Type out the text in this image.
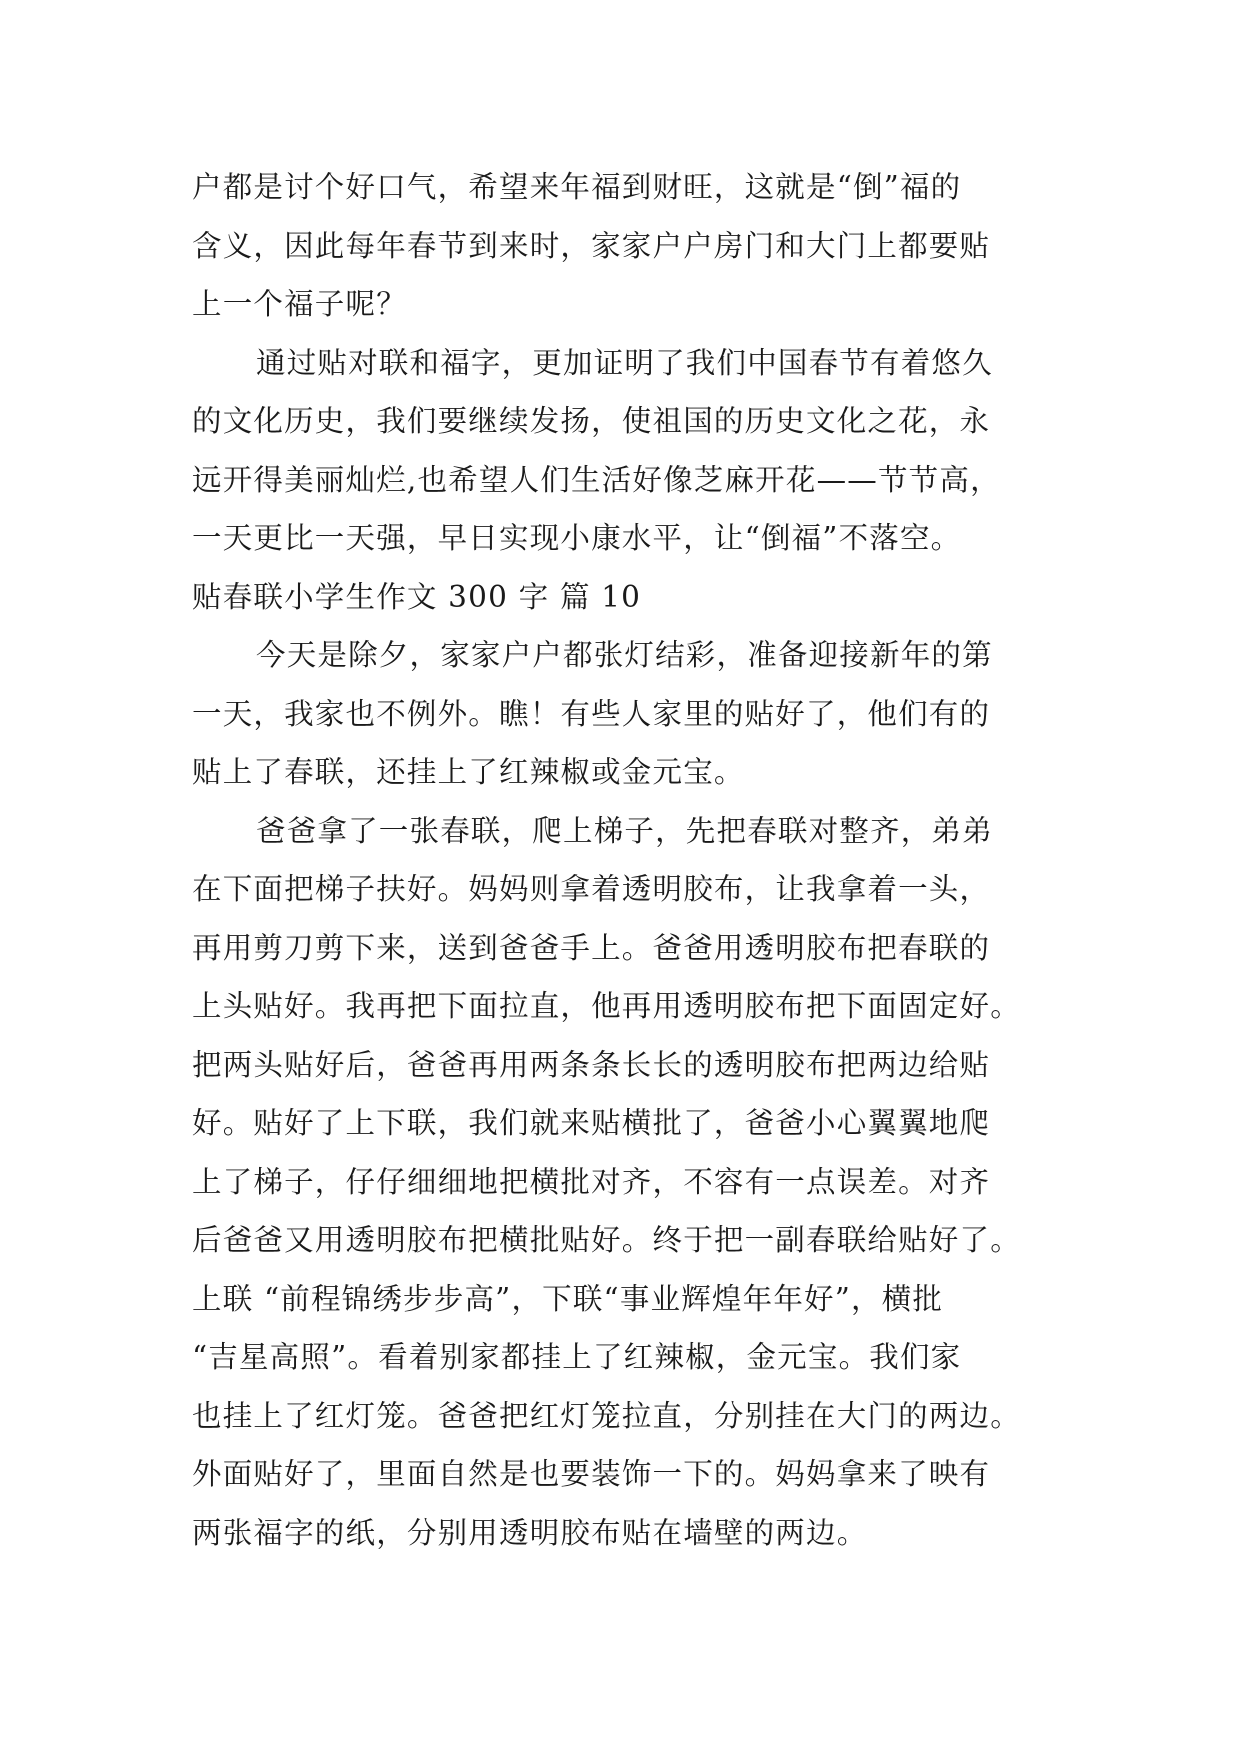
户都是讨个好口气，希望来年福到财旺，这就是“倒”福的
含义，因此每年春节到来时，家家户户房门和大门上都要贴
上一个福子呢？
通过贴对联和福字，更加证明了我们中国春节有着悠久
的文化历史，我们要继续发扬，使祖国的历史文化之花，永
远开得美丽灿烂,也希望人们生活好像芝麻开花——节节高，
一天更比一天强，早日实现小康水平，让“倒福”不落空。
贴春联小学生作文 300 字 篇 10
今天是除夕，家家户户都张灯结彩，准备迎接新年的第
一天，我家也不例外。瞧！有些人家里的贴好了，他们有的
贴上了春联，还挂上了红辣椒或金元宝。
爸爸拿了一张春联，爬上梯子，先把春联对整齐，弟弟
在下面把梯子扶好。妈妈则拿着透明胶布，让我拿着一头，
再用剪刀剪下来，送到爸爸手上。爸爸用透明胶布把春联的
上头贴好。我再把下面拉直，他再用透明胶布把下面固定好。
把两头贴好后，爸爸再用两条条长长的透明胶布把两边给贴
好。贴好了上下联，我们就来贴横批了，爸爸小心翼翼地爬
上了梯子，仔仔细细地把横批对齐，不容有一点误差。对齐
后爸爸又用透明胶布把横批贴好。终于把一副春联给贴好了。
上联 “前程锦绣步步高”，下联“事业辉煌年年好”，横批
“吉星高照”。看着别家都挂上了红辣椒，金元宝。我们家
也挂上了红灯笼。爸爸把红灯笼拉直，分别挂在大门的两边。
外面贴好了，里面自然是也要装饰一下的。妈妈拿来了映有
两张福字的纸，分别用透明胶布贴在墙壁的两边。
